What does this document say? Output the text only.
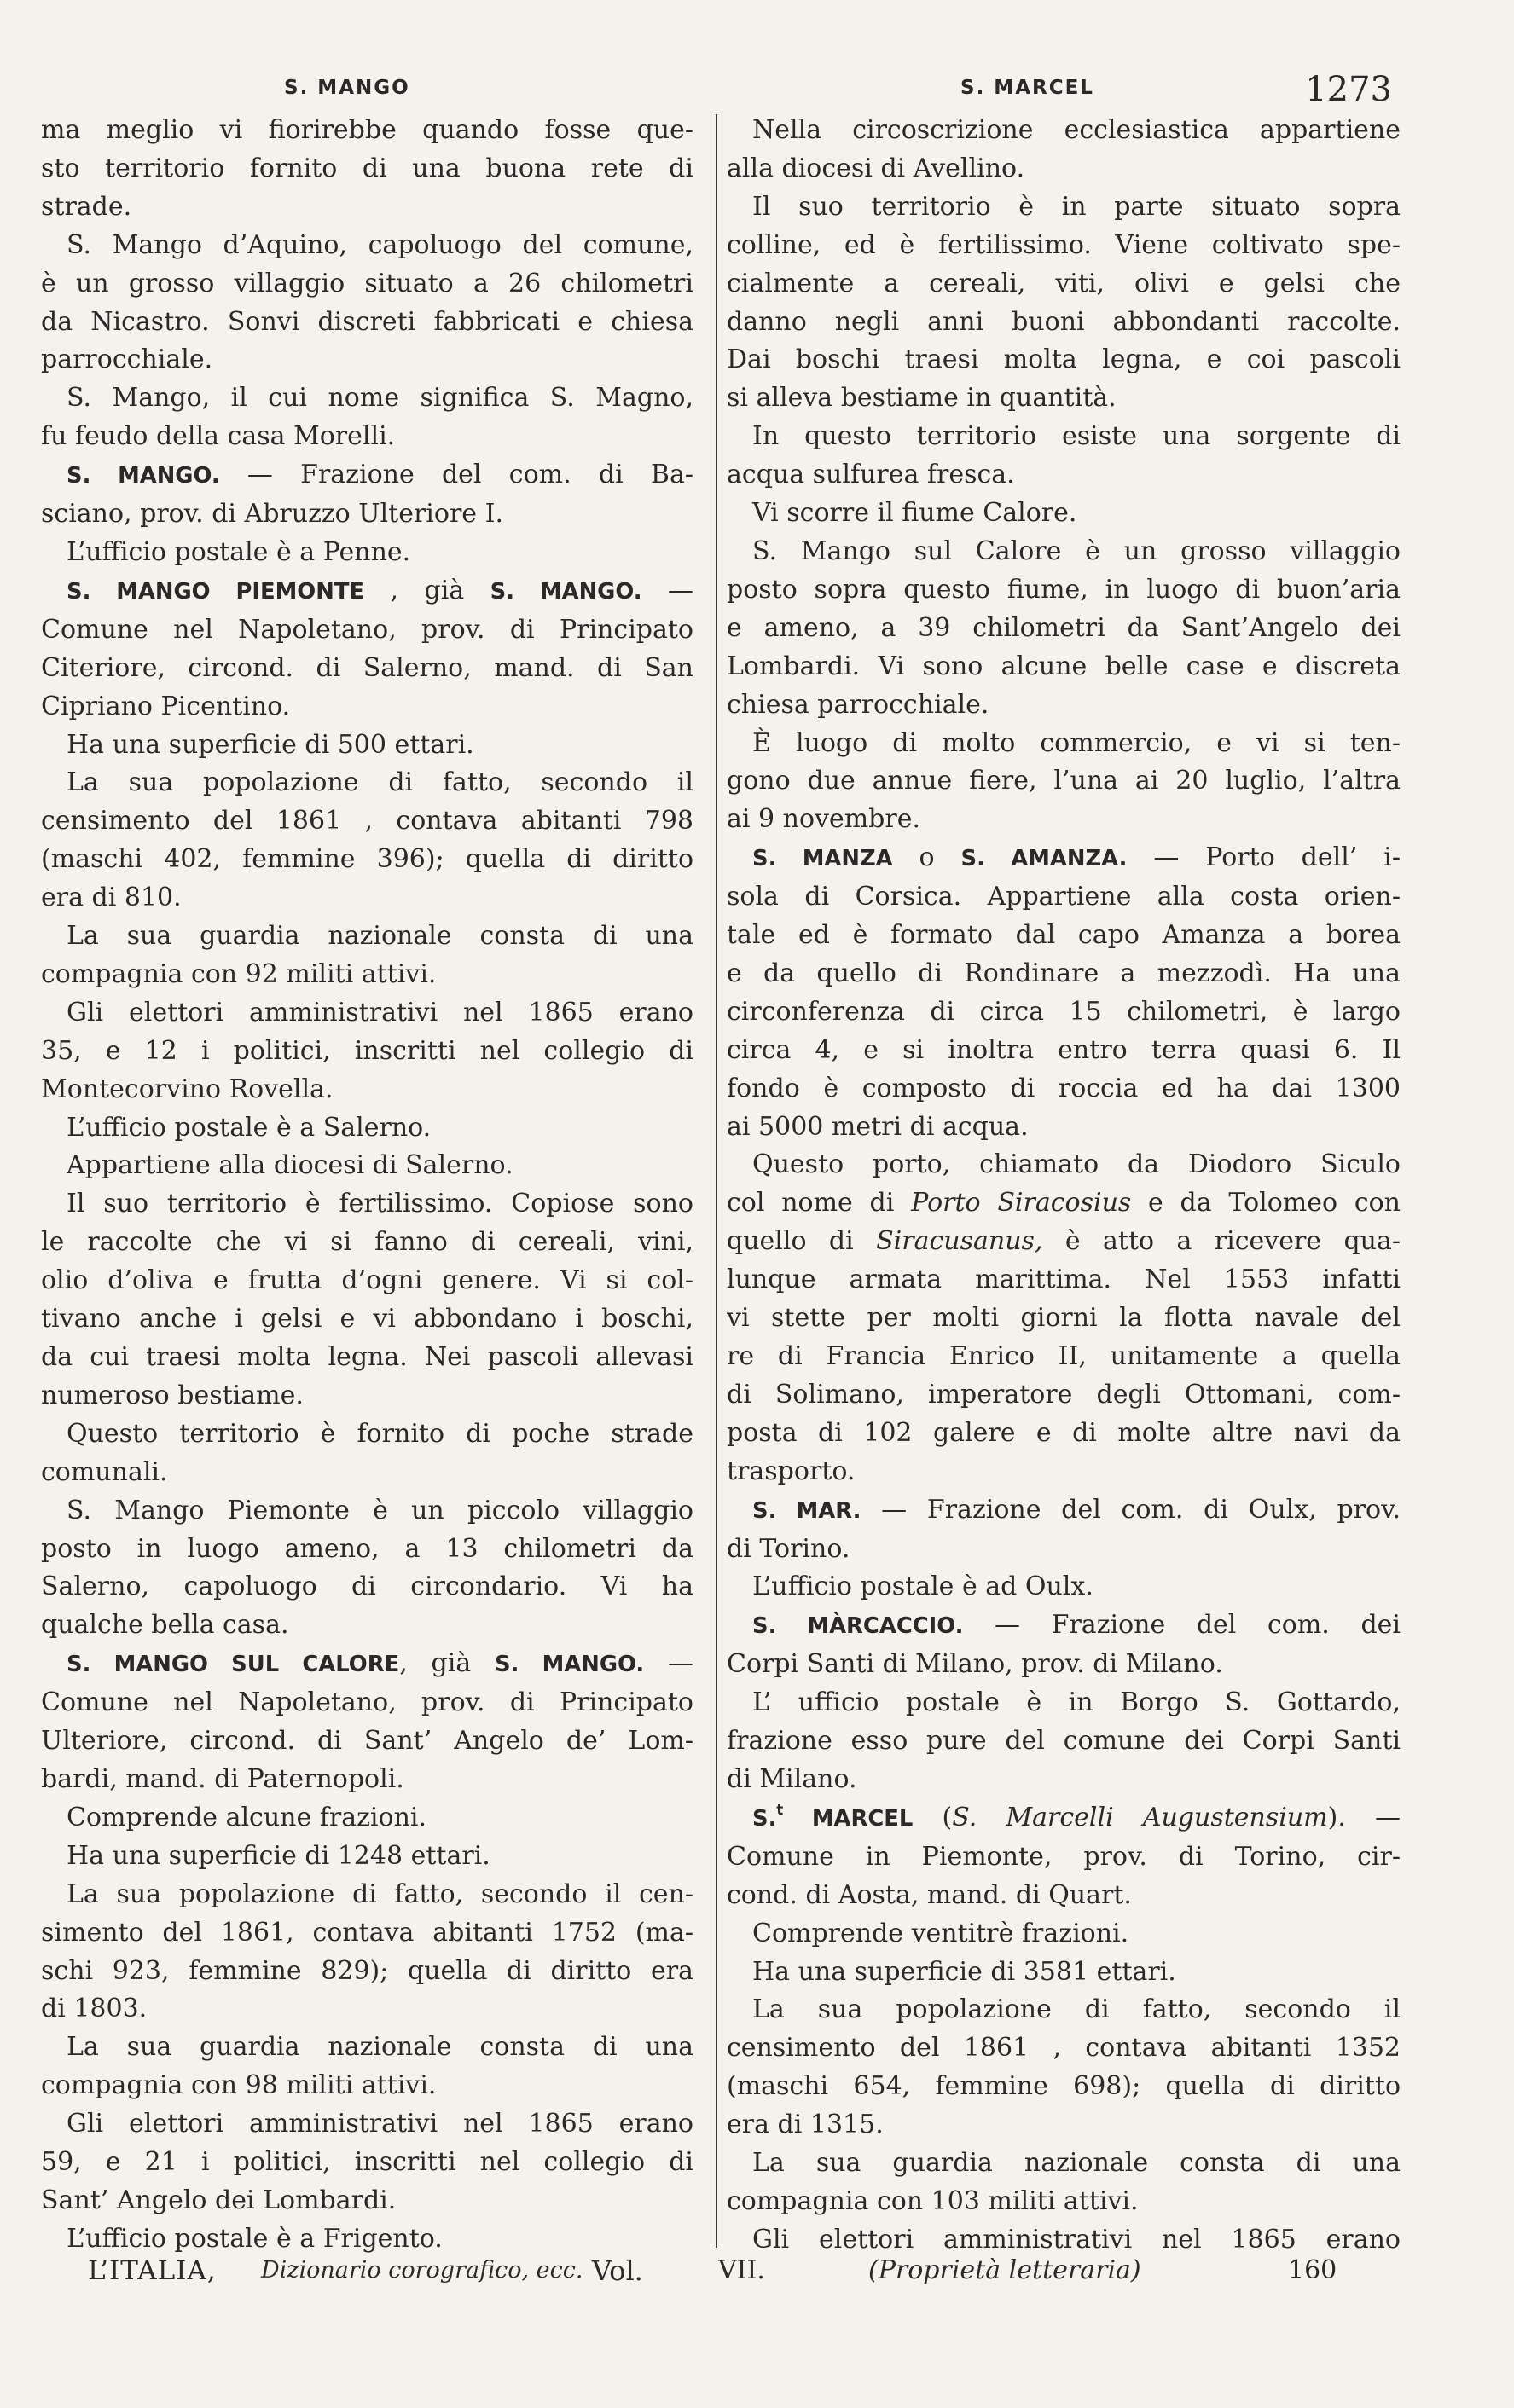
S. MANGO	S. MARCEL	1273
ma meglio vi fiorirebbe quando fosse que-
sto territorio fornito di una buona rete di
strade.
S. Mango d’Aquino, capoluogo del comune,
è un grosso villaggio situato a 26 chilometri
da Nicastro. Sonvi discreti fabbricati e chiesa
parrocchiale.
S. Mango, il cui nome significa S. Magno,
fu feudo della casa Morelli.
S. MANGO. — Frazione del com. di Ba-
sciano, prov. di Abruzzo Ulteriore I.
L’ufficio postale è a Penne.
S. MANGO PIEMONTE , già S. MANGO. —
Comune nel Napoletano, prov. di Principato
Citeriore, circond. di Salerno, mand. di San
Cipriano Picentino.
Ha una superficie di 500 ettari.
La sua popolazione di fatto, secondo il
censimento del 1861 , contava abitanti 798
(maschi 402, femmine 396); quella di diritto
era di 810.
La sua guardia nazionale consta di una
compagnia con 92 militi attivi.
Gli elettori amministrativi nel 1865 erano
35, e 12 i politici, inscritti nel collegio di
Montecorvino Rovella.
L’ufficio postale è a Salerno.
Appartiene alla diocesi di Salerno.
Il suo territorio è fertilissimo. Copiose sono
le raccolte che vi si fanno di cereali, vini,
olio d’oliva e frutta d’ogni genere. Vi si col-
tivano anche i gelsi e vi abbondano i boschi,
da cui traesi molta legna. Nei pascoli allevasi
numeroso bestiame.
Questo territorio è fornito di poche strade
comunali.
S. Mango Piemonte è un piccolo villaggio
posto in luogo ameno, a 13 chilometri da
Salerno, capoluogo di circondario. Vi ha
qualche bella casa.
S. MANGO SUL CALORE, già S. MANGO. —
Comune nel Napoletano, prov. di Principato
Ulteriore, circond. di Sant’ Angelo de’ Lom-
bardi, mand. di Paternopoli.
Comprende alcune frazioni.
Ha una superficie di 1248 ettari.
La sua popolazione di fatto, secondo il cen-
simento del 1861, contava abitanti 1752 (ma-
schi 923, femmine 829); quella di diritto era
di 1803.
La sua guardia nazionale consta di una
compagnia con 98 militi attivi.
Gli elettori amministrativi nel 1865 erano
59, e 21 i politici, inscritti nel collegio di
Sant’ Angelo dei Lombardi.
L’ufficio postale è a Frigento.
Nella circoscrizione ecclesiastica appartiene
alla diocesi di Avellino.
Il suo territorio è in parte situato sopra
colline, ed è fertilissimo. Viene coltivato spe-
cialmente a cereali, viti, olivi e gelsi che
danno negli anni buoni abbondanti raccolte.
Dai boschi traesi molta legna, e coi pascoli
si alleva bestiame in quantità.
In questo territorio esiste una sorgente di
acqua sulfurea fresca.
Vi scorre il fiume Calore.
S. Mango sul Calore è un grosso villaggio
posto sopra questo fiume, in luogo di buon’aria
e ameno, a 39 chilometri da Sant’Angelo dei
Lombardi. Vi sono alcune belle case e discreta
chiesa parrocchiale.
È luogo di molto commercio, e vi si ten-
gono due annue fiere, l’una ai 20 luglio, l’altra
ai 9 novembre.
S. MANZA o S. AMANZA. — Porto dell’ i-
sola di Corsica. Appartiene alla costa orien-
tale ed è formato dal capo Amanza a borea
e da quello di Rondinare a mezzodì. Ha una
circonferenza di circa 15 chilometri, è largo
circa 4, e si inoltra entro terra quasi 6. Il
fondo è composto di roccia ed ha dai 1300
ai 5000 metri di acqua.
Questo porto, chiamato da Diodoro Siculo
col nome di Porto Siracosius e da Tolomeo con
quello di Siracusanus, è atto a ricevere qua-
lunque armata marittima. Nel 1553 infatti
vi stette per molti giorni la flotta navale del
re di Francia Enrico II, unitamente a quella
di Solimano, imperatore degli Ottomani, com-
posta di 102 galere e di molte altre navi da
trasporto.
S. MAR. — Frazione del com. di Oulx, prov.
di Torino.
L’ufficio postale è ad Oulx.
S. MÀRCACCIO. — Frazione del com. dei
Corpi Santi di Milano, prov. di Milano.
L’ ufficio postale è in Borgo S. Gottardo,
frazione esso pure del comune dei Corpi Santi
di Milano.
S.$^t$ MARCEL (S. Marcelli Augustensium). —
Comune in Piemonte, prov. di Torino, cir-
cond. di Aosta, mand. di Quart.
Comprende ventitrè frazioni.
Ha una superficie di 3581 ettari.
La sua popolazione di fatto, secondo il
censimento del 1861 , contava abitanti 1352
(maschi 654, femmine 698); quella di diritto
era di 1315.
La sua guardia nazionale consta di una
compagnia con 103 militi attivi.
Gli elettori amministrativi nel 1865 erano
L’ITALIA, Dizionario corografico, ecc. Vol.	VII.	(Proprietà letteraria)	160
